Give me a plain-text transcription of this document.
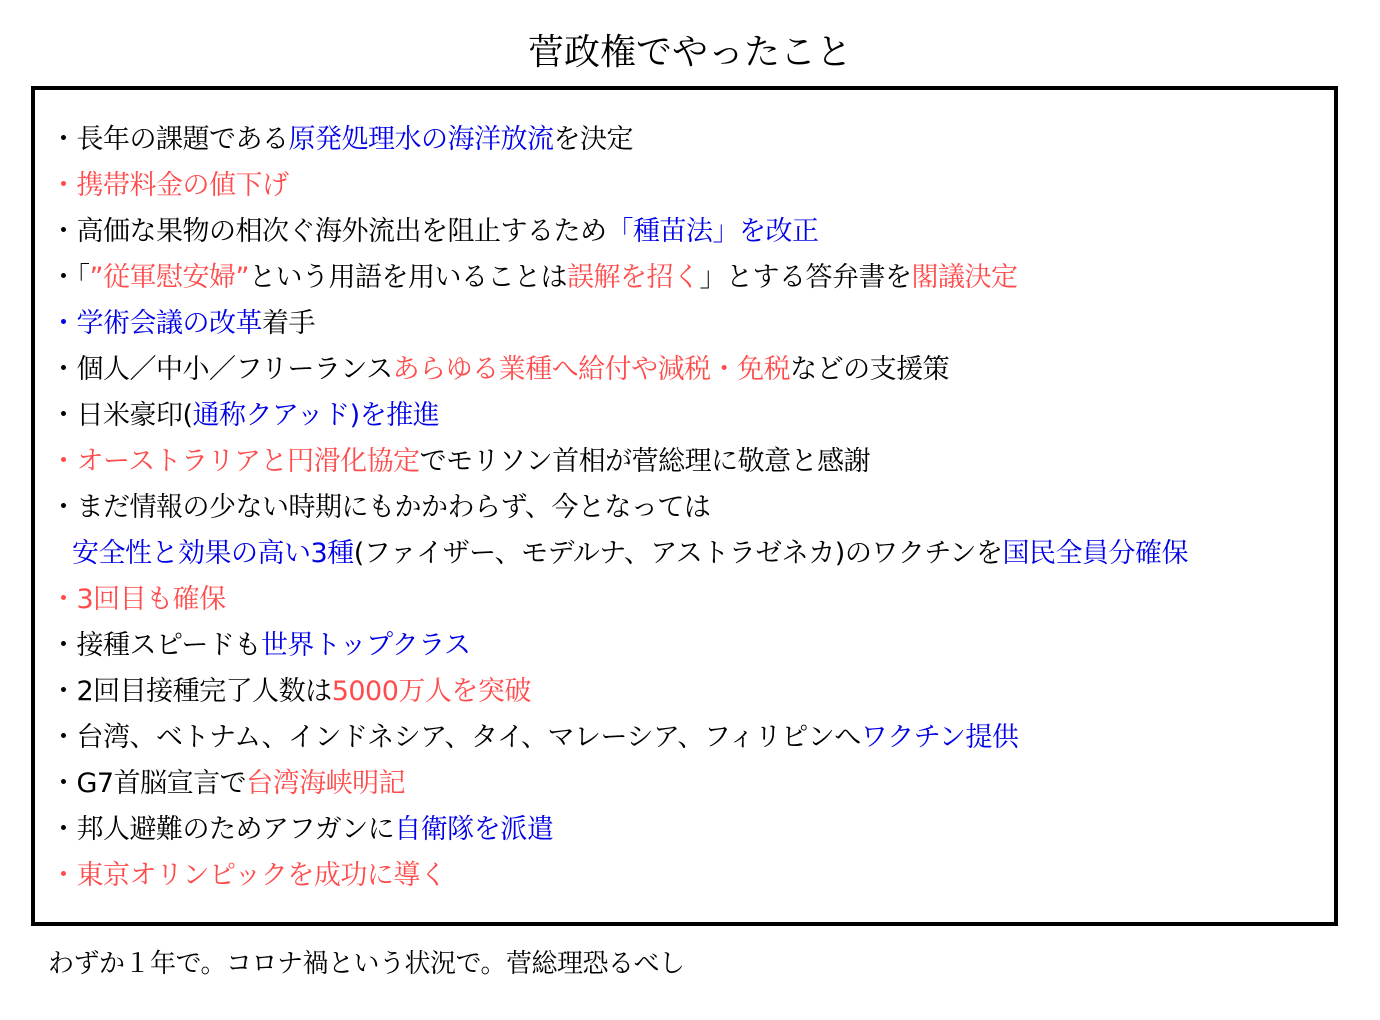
菅政権でやったこと
・長年の課題である原発処理水の海洋放流を決定
・携帯料金の値下げ
・高価な果物の相次ぐ海外流出を阻止するため「種苗法」を改正
・「”従軍慰安婦”という用語を用いることは誤解を招く」とする答弁書を閣議決定
・学術会議の改革着手
・個人／中小／フリーランスあらゆる業種へ給付や減税・免税などの支援策
・日米豪印(通称クアッド)を推進
・オーストラリアと円滑化協定でモリソン首相が菅総理に敬意と感謝
・まだ情報の少ない時期にもかかわらず、今となっては
安全性と効果の高い3種(ファイザー、モデルナ、アストラゼネカ)のワクチンを国民全員分確保
・3回目も確保
・接種スピードも世界トップクラス
・2回目接種完了人数は5000万人を突破
・台湾、ベトナム、インドネシア、タイ、マレーシア、フィリピンへワクチン提供
・G7首脳宣言で台湾海峡明記
・邦人避難のためアフガンに自衛隊を派遣
・東京オリンピックを成功に導く
わずか１年で。コロナ禍という状況で。菅総理恐るべし
